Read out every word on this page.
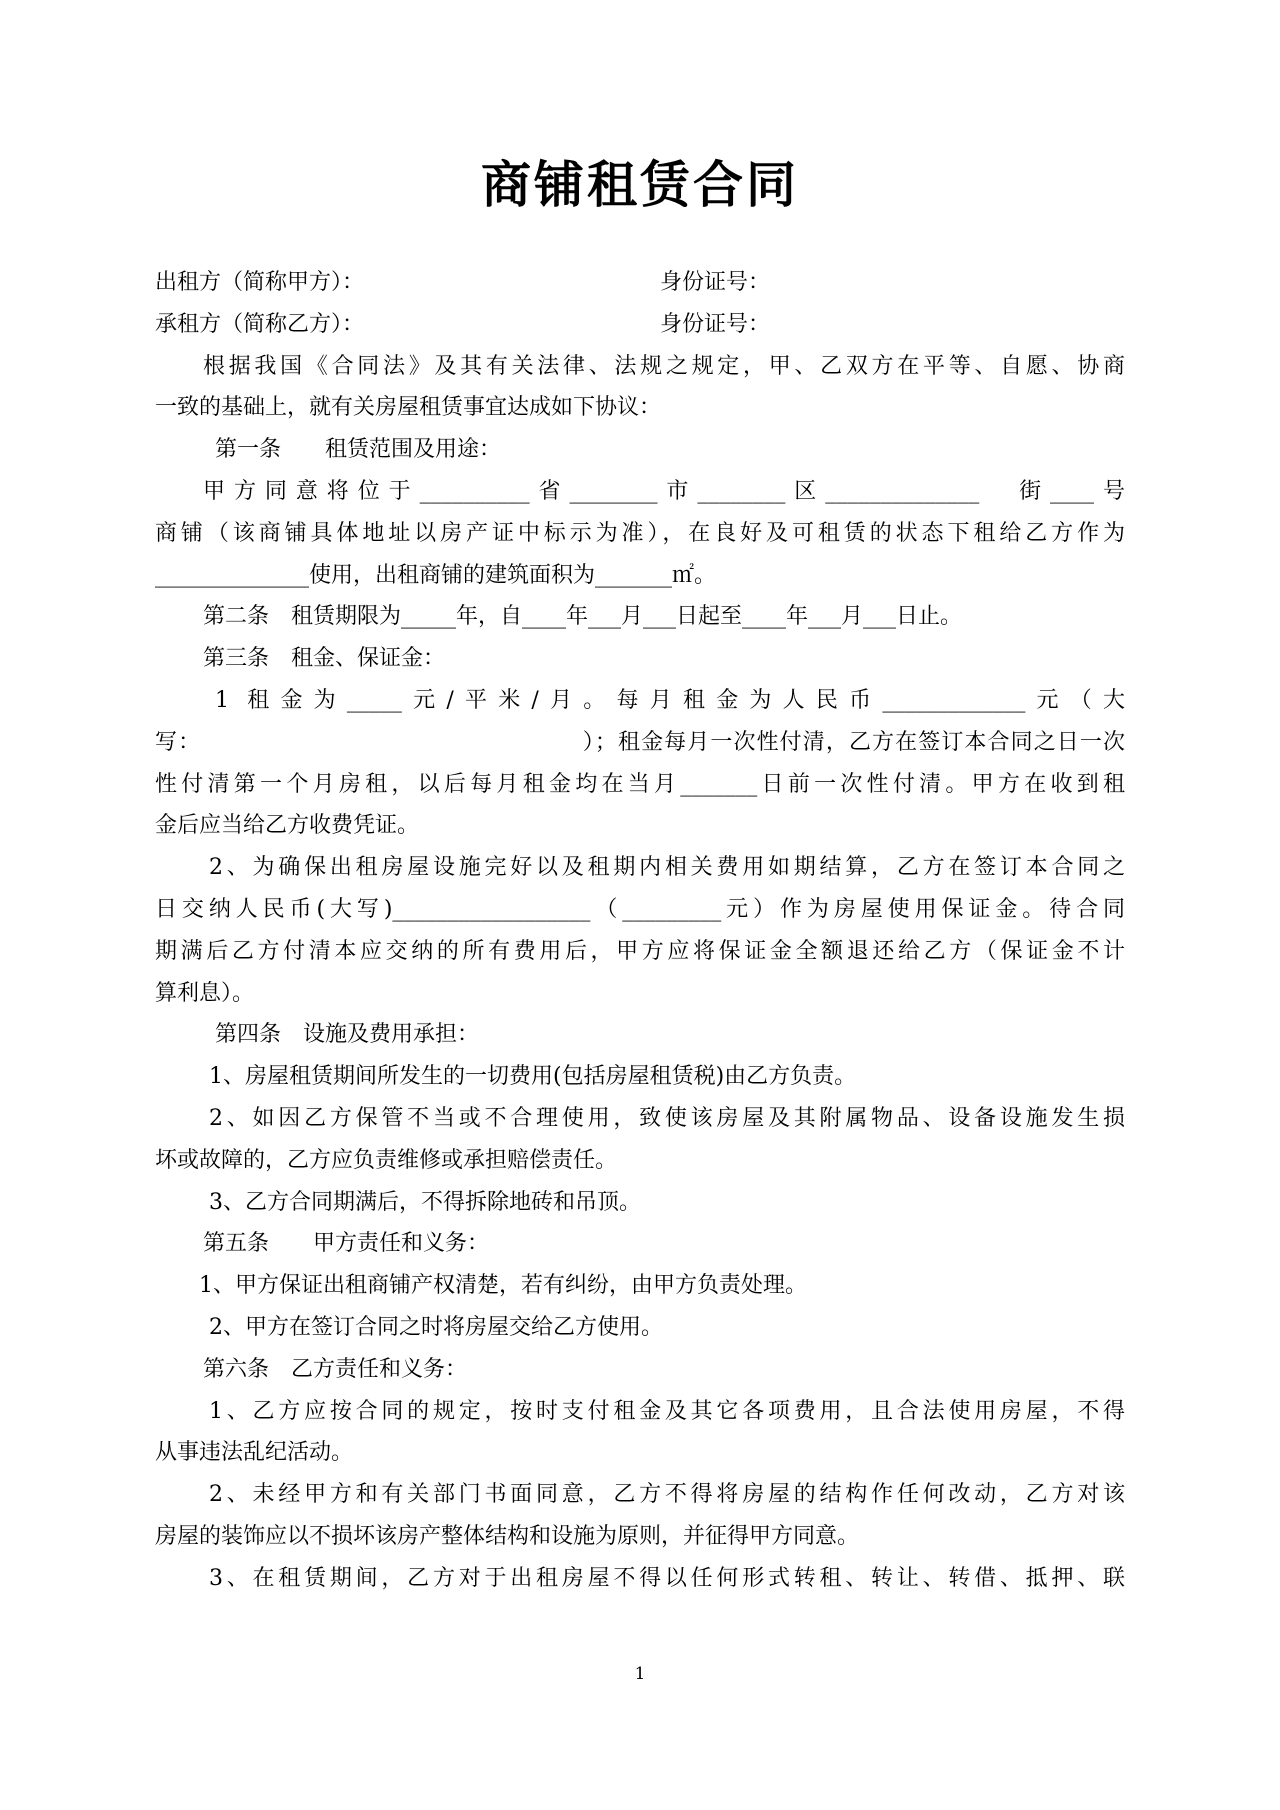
商铺租赁合同
出租方（简称甲方）：	身份证号：
承租方（简称乙方）：	身份证号：
根据我国《合同法》及其有关法律、法规之规定，甲、乙双方在平等、自愿、协商
一致的基础上，就有关房屋租赁事宜达成如下协议：
第一条　　租赁范围及用途：
甲方同意将位于__________省________市________区______________　街____号
商铺（该商铺具体地址以房产证中标示为准），在良好及可租赁的状态下租给乙方作为
______________使用，出租商铺的建筑面积为_______㎡。
第二条　租赁期限为_____年，自____年___月___日起至____年___月___日止。
第三条　租金、保证金：
1 租金为_____元/平米/月。每月租金为人民币_____________元（大
写：　　　　　　　　　　　　　　　　　）；租金每月一次性付清，乙方在签订本合同之日一次
性付清第一个月房租，以后每月租金均在当月_______日前一次性付清。甲方在收到租
金后应当给乙方收费凭证。
2、为确保出租房屋设施完好以及租期内相关费用如期结算，乙方在签订本合同之
日交纳人民币(大写)__________________（_________元）作为房屋使用保证金。待合同
期满后乙方付清本应交纳的所有费用后，甲方应将保证金全额退还给乙方（保证金不计
算利息）。
第四条　设施及费用承担：
1、房屋租赁期间所发生的一切费用(包括房屋租赁税)由乙方负责。
2、如因乙方保管不当或不合理使用，致使该房屋及其附属物品、设备设施发生损
坏或故障的，乙方应负责维修或承担赔偿责任。
3、乙方合同期满后，不得拆除地砖和吊顶。
第五条　　甲方责任和义务：
1、甲方保证出租商铺产权清楚，若有纠纷，由甲方负责处理。
2、甲方在签订合同之时将房屋交给乙方使用。
第六条　乙方责任和义务：
1、乙方应按合同的规定，按时支付租金及其它各项费用，且合法使用房屋，不得
从事违法乱纪活动。
2、未经甲方和有关部门书面同意，乙方不得将房屋的结构作任何改动，乙方对该
房屋的装饰应以不损坏该房产整体结构和设施为原则，并征得甲方同意。
3、在租赁期间，乙方对于出租房屋不得以任何形式转租、转让、转借、抵押、联
1
